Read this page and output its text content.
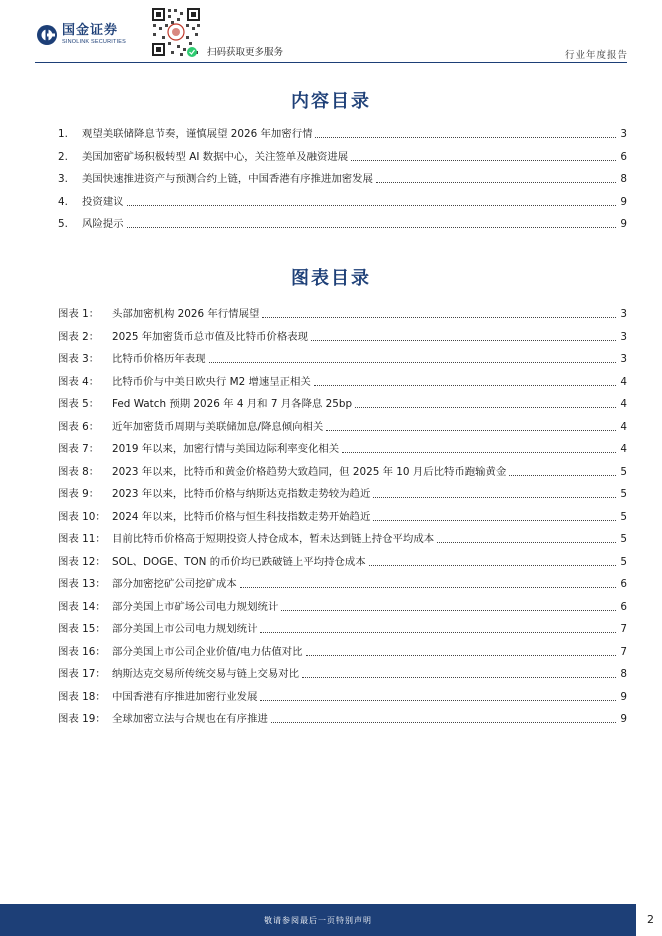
国金证券
SINOLINK SECURITIES
扫码获取更多服务	行业年度报告
内容目录
1.	观望美联储降息节奏，谨慎展望 2026 年加密行情	3
2.	美国加密矿场积极转型 AI 数据中心，关注签单及融资进展	6
3.	美国快速推进资产与预测合约上链，中国香港有序推进加密发展	8
4.	投资建议	9
5.	风险提示	9
图表目录
图表 1：	头部加密机构 2026 年行情展望	3
图表 2：	2025 年加密货币总市值及比特币价格表现	3
图表 3：	比特币价格历年表现	3
图表 4：	比特币价与中美日欧央行 M2 增速呈正相关	4
图表 5：	Fed Watch 预期 2026 年 4 月和 7 月各降息 25bp	4
图表 6：	近年加密货币周期与美联储加息/降息倾向相关	4
图表 7：	2019 年以来，加密行情与美国边际利率变化相关	4
图表 8：	2023 年以来，比特币和黄金价格趋势大致趋同，但 2025 年 10 月后比特币跑输黄金	5
图表 9：	2023 年以来，比特币价格与纳斯达克指数走势较为趋近	5
图表 10： 2024 年以来，比特币价格与恒生科技指数走势开始趋近	5
图表 11： 目前比特币价格高于短期投资人持仓成本，暂未达到链上持仓平均成本	5
图表 12： SOL、DOGE、TON 的币价均已跌破链上平均持仓成本	5
图表 13： 部分加密挖矿公司挖矿成本	6
图表 14： 部分美国上市矿场公司电力规划统计	6
图表 15： 部分美国上市公司电力规划统计	7
图表 16： 部分美国上市公司企业价值/电力估值对比	7
图表 17： 纳斯达克交易所传统交易与链上交易对比	8
图表 18： 中国香港有序推进加密行业发展	9
图表 19： 全球加密立法与合规也在有序推进	9
敬请参阅最后一页特别声明	2
